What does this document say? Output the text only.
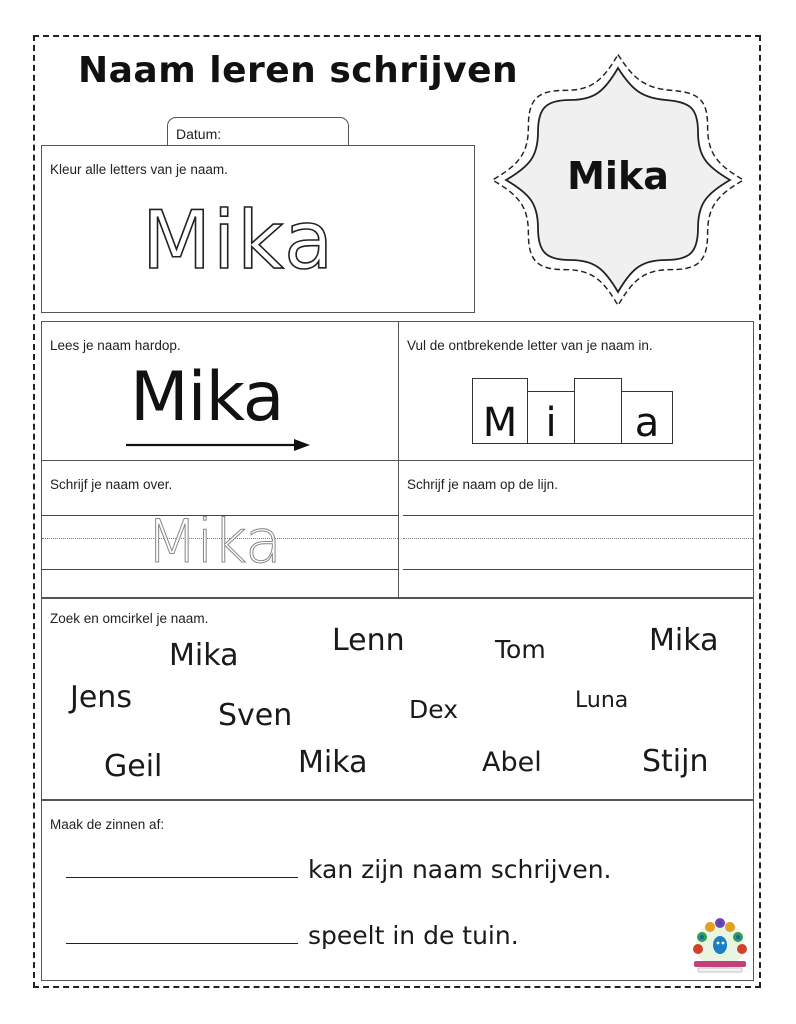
Naam leren schrijven
Datum:
Mika
Kleur alle letters van je naam.
Mika
Lees je naam hardop.
Mika
Vul de ontbrekende letter van je naam in.
M i	a
Schrijf je naam over.
Mika
Schrijf je naam op de lijn.
Zoek en omcirkel je naam.
Mika	Lenn	Tom	Mika
Jens
Sven	Dex	Luna
Geil	Mika	Abel	Stijn
Maak de zinnen af:
kan zijn naam schrijven.
speelt in de tuin.
